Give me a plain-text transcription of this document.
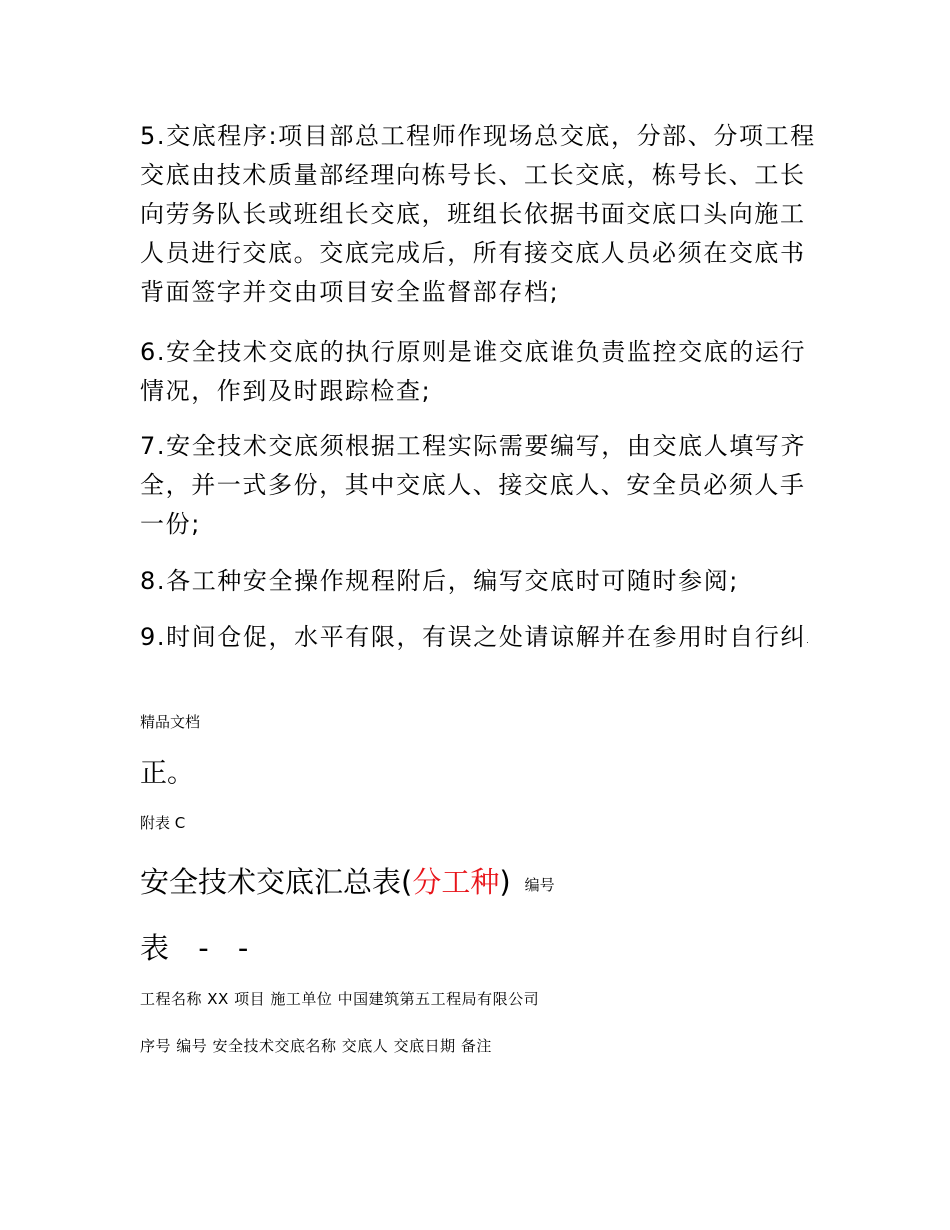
5.交底程序:项目部总工程师作现场总交底，分部、分项工程交底由技术质量部经理向栋号长、工长交底，栋号长、工长向劳务队长或班组长交底，班组长依据书面交底口头向施工人员进行交底。交底完成后，所有接交底人员必须在交底书背面签字并交由项目安全监督部存档;

6.安全技术交底的执行原则是谁交底谁负责监控交底的运行情况，作到及时跟踪检查;

7.安全技术交底须根据工程实际需要编写，由交底人填写齐全，并一式多份，其中交底人、接交底人、安全员必须人手一份;

8.各工种安全操作规程附后，编写交底时可随时参阅;

9.时间仓促，水平有限，有误之处请谅解并在参用时自行纠.

精品文档

正。

附表 C

安全技术交底汇总表(分工种) 编号

表 - -

工程名称 XX 项目 施工单位 中国建筑第五工程局有限公司

序号 编号 安全技术交底名称 交底人 交底日期 备注
